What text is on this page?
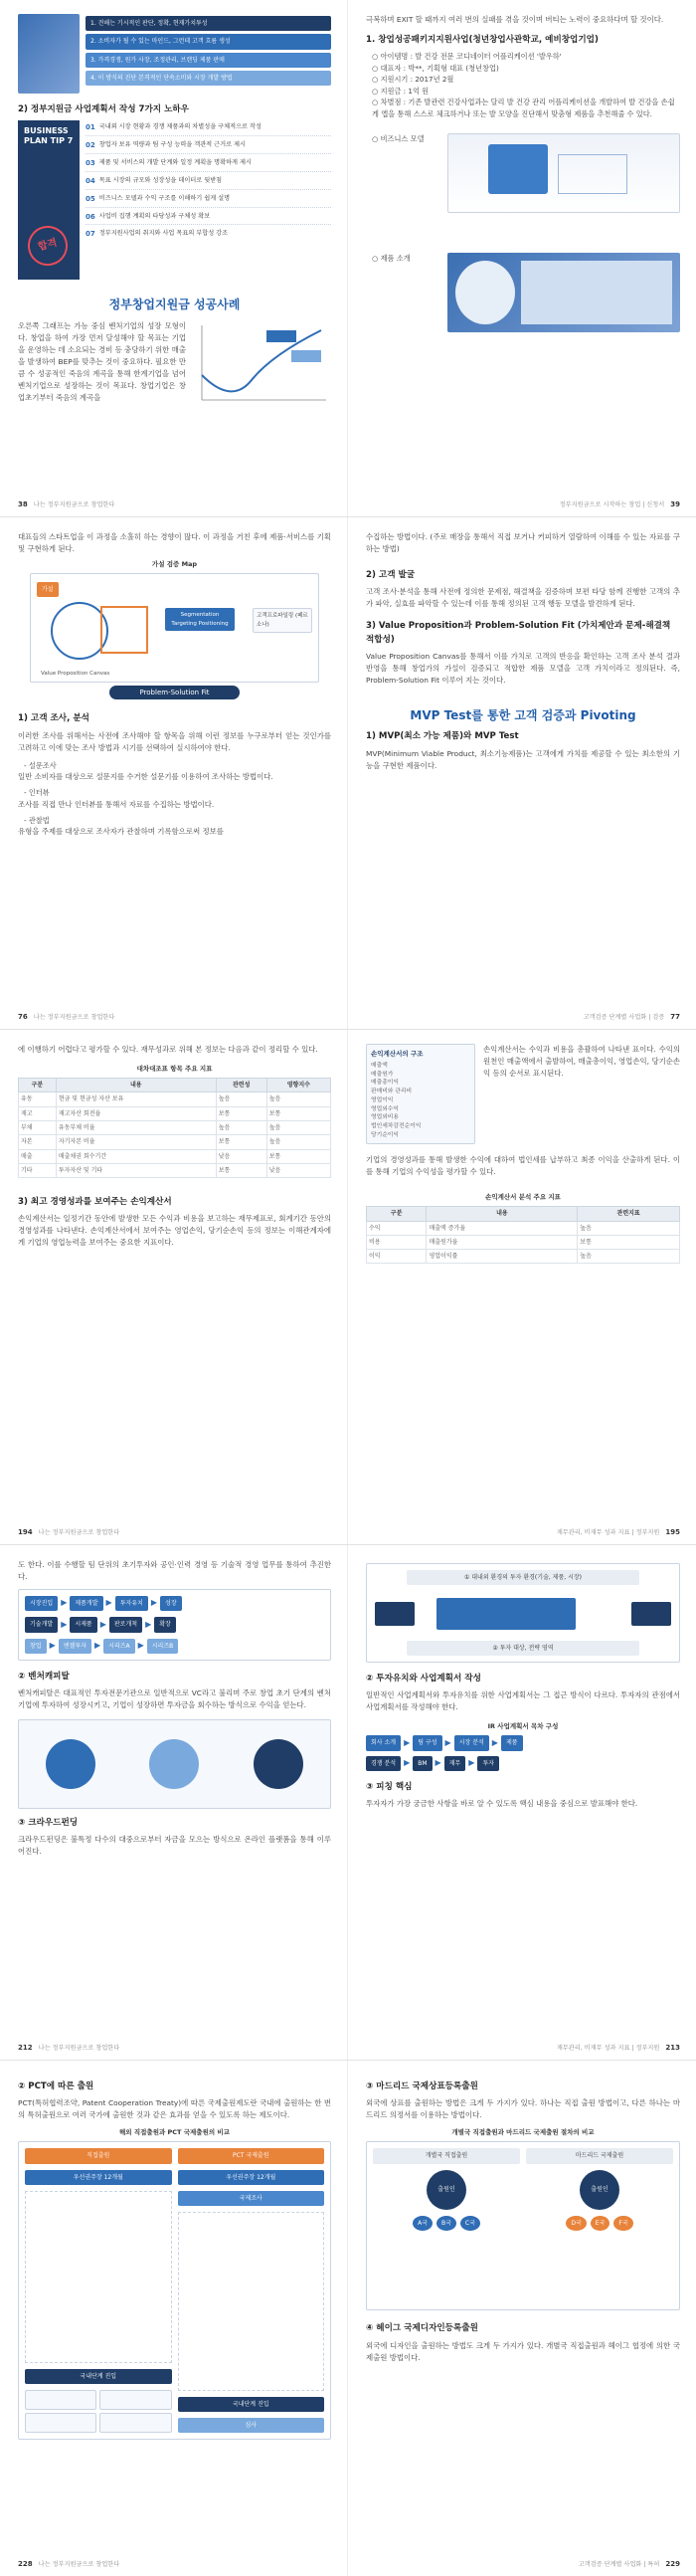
1. 견해는 기시적인 판단, 정확, 현재가치투성
2. 소비자가 될 수 있는 마인드, 그런데 고객 흐름 생성
3. 가격경쟁, 원가 사장, 조정관리, 브랜딩 제품 판매
4. 이 방식의 진단 본격적인 단속소비와 시장 개발 방법
2) 정부지원금 사업계획서 작성 7가지 노하우
BUSINESS PLAN TIP 7
합격
01 국내외 시장 현황과 경쟁 제품과의 차별성을 구체적으로 작성
02 창업자 보유 역량과 팀 구성 능력을 객관적 근거로 제시
03 제품 및 서비스의 개발 단계와 일정 계획을 명확하게 제시
04 목표 시장의 규모와 성장성을 데이터로 뒷받침
05 비즈니스 모델과 수익 구조를 이해하기 쉽게 설명
06 사업비 집행 계획의 타당성과 구체성 확보
07 정부지원사업의 취지와 사업 목표의 부합성 강조
정부창업지원금 성공사례
오른쪽 그래프는 가능 중심 벤처기업의 성장 모형이다. 창업을 하여 가장 먼저 달성해야 할 목표는 기업을 운영하는 데 소요되는 경비 등 충당하기 위한 매출을 발생하여 BEP를 맞추는 것이 중요하다. 필요한 만큼 수 성공적인 죽음의 계곡을 통해 한계기업을 넘어 벤처기업으로 성장하는 것이 목표다. 창업기업은 창업초기부터 죽음의 계곡을
38 나는 정부지원금으로 창업한다
극복하며 EXIT 할 때까지 여러 번의 실패를 겪을 것이며 버티는 노력이 중요하다며 할 것이다.
1. 창업성공패키지지원사업(청년창업사관학교, 예비창업기업)
○ 아이템명 : 발 건강 전문 코디네이터 어플리케이션 '발우하'
○ 대표자 : 박**, 기획형 대표 (청년창업)
○ 지원시기 : 2017년 2월
○ 지원금 : 1억 원
○ 차별점 : 기존 발관련 건강사업과는 달리 발 건강 관리 어플리케이션을 개발하여 발 건강을 손쉽게 앱을 통해 스스로 체크하거나 또는 발 모양을 진단해서 맞춤형 제품을 추천해줄 수 있다.
○ 비즈니스 모델
○ 제품 소개
정부지원금으로 시작하는 창업 | 신청서 39
대표들의 스타트업을 이 과정을 소홀히 하는 경향이 많다. 이 과정을 거친 후에 제품·서비스를 기획 및 구현하게 된다.
가설 검증 Map
가설
Value Proposition Canvas
Segmentation Targeting Positioning
고객프로파일링 (페르소나)
Problem-Solution Fit
1) 고객 조사, 분석
이러한 조사를 위해서는 사전에 조사해야 할 항목을 위해 이런 정보를 누구로부터 얻는 것인가를 고려하고 이에 맞는 조사 방법과 시기를 선택하여 실시하여야 한다.
- 설문조사
일반 소비자를 대상으로 설문지를 수거한 설문기를 이용하여 조사하는 방법이다.
- 인터뷰
조사를 직접 만나 인터뷰를 통해서 자료를 수집하는 방법이다.
- 관찰법
유형을 주제를 대상으로 조사자가 관찰하며 기록함으로써 정보를
76 나는 정부지원금으로 창업한다
수집하는 방법이다. (주로 매장을 통해서 직접 보거나 커피하거 열람하여 이해를 수 있는 자료를 구하는 방법)
2) 고객 발굴
고객 조사·분석을 통해 사전에 정의한 문제점, 해결책을 검증하며 보편 타당 함께 진행한 고객의 추가 파악, 실효를 파악할 수 있는데 이를 통해 정의된 고객 행동 모델을 발견하게 된다.
3) Value Proposition과 Problem-Solution Fit (가치제안과 문제-해결책 적합성)
Value Proposition Canvas를 통해서 이를 가치로 고객의 반응을 확인하는 고객 조사 분석 결과 반영을 통해 창업가의 가설이 검증되고 적합한 제품 모델을 고객 가치이라고 정의된다. 즉, Problem-Solution Fit 이루어 지는 것이다.
MVP Test를 통한 고객 검증과 Pivoting
1) MVP(최소 가능 제품)와 MVP Test
MVP(Minimum Viable Product, 최소기능제품)는 고객에게 가치를 제공할 수 있는 최소한의 기능을 구현한 제품이다.
고객검증 단계별 사업화 | 검증 77
에 이행하기 어렵다고 평가할 수 있다. 재무성과로 위해 본 정보는 다음과 같이 정리할 수 있다.
대차대조표 항목 주요 지표
구분	내용	관련성	영향지수
유동	현금 및 현금성 자산 보유	높음	높음
재고	재고자산 회전율	보통	보통
부채	유동부채 비율	높음	높음
자본	자기자본 비율	보통	높음
매출	매출채권 회수기간	낮음	보통
기타	투자자산 및 기타	보통	낮음
3) 최고 경영성과를 보여주는 손익계산서
손익계산서는 일정기간 동안에 발생한 모든 수익과 비용을 보고하는 재무제표로, 회계기간 동안의 경영성과를 나타낸다. 손익계산서에서 보여주는 영업손익, 당기순손익 등의 정보는 이해관계자에게 기업의 영업능력을 보여주는 중요한 지표이다.
194 나는 정부지원금으로 창업한다
손익계산서의 구조
매출액
매출원가
매출총이익
판매비와 관리비
영업이익
영업외수익
영업외비용
법인세차감전순이익
당기순이익
손익계산서는 수익과 비용을 총괄하여 나타낸 표이다. 수익의 원천인 매출액에서 출발하여, 매출총이익, 영업손익, 당기순손익 등의 순서로 표시된다.
기업의 경영성과를 통해 발생한 수익에 대하여 법인세를 납부하고 최종 이익을 산출하게 된다. 이를 통해 기업의 수익성을 평가할 수 있다.
손익계산서 분석 주요 지표
구분	내용	관련지표
수익	매출액 증가율	높음
비용	매출원가율	보통
이익	영업이익률	높음
재무관리, 비재무 성과 지표 | 정부지원 195
도 한다. 이를 수행할 팀 단위의 초기투자와 공인·인력 경영 등 기술적 경영 업무를 통하여 추진한다.
시장진입	▶	제품개발	▶	투자유치	▶	성장
기술개발	▶	시제품	▶	판로개척	▶	확장
창업	▶	엔젤투자	▶	시리즈A	▶	시리즈B
② 벤처캐피탈
벤처캐피탈은 대표적인 투자전문기관으로 일반적으로 VC라고 불리며 주로 창업 초기 단계의 벤처기업에 투자하여 성장시키고, 기업이 성장하면 투자금을 회수하는 방식으로 수익을 얻는다.
③ 크라우드펀딩
크라우드펀딩은 불특정 다수의 대중으로부터 자금을 모으는 방식으로 온라인 플랫폼을 통해 이루어진다.
212 나는 정부지원금으로 창업한다
① 대내외 환경의 투자 환경(기술, 제품, 시장)
② 투자 대상, 전략 영역
② 투자유치와 사업계획서 작성
일반적인 사업계획서와 투자유치를 위한 사업계획서는 그 접근 방식이 다르다. 투자자의 관점에서 사업계획서를 작성해야 한다.
IR 사업계획서 목차 구성
회사 소개	▶	팀 구성	▶	시장 분석	▶	제품
경쟁 분석	▶	BM	▶	재무	▶	투자
③ 피칭 핵심
투자자가 가장 궁금한 사항을 바로 알 수 있도록 핵심 내용을 중심으로 발표해야 한다.
재무관리, 비재무 성과 지표 | 정부지원 213
② PCT에 따른 출원
PCT(특허협력조약, Patent Cooperation Treaty)에 따른 국제출원제도란 국내에 출원하는 한 번의 특허출원으로 여러 국가에 출원한 것과 같은 효과를 얻을 수 있도록 하는 제도이다.
해외 직접출원과 PCT 국제출원의 비교
직접출원
우선권주장 12개월
국내단계 진입
PCT 국제출원
우선권주장 12개월
국제조사
국내단계 진입
심사
228 나는 정부지원금으로 창업한다
③ 마드리드 국제상표등록출원
외국에 상표를 출원하는 방법은 크게 두 가지가 있다. 하나는 직접 출원 방법이고, 다른 하나는 마드리드 의정서를 이용하는 방법이다.
개별국 직접출원과 마드리드 국제출원 절차의 비교
개별국 직접출원
출원인
A국	B국	C국
마드리드 국제출원
출원인
D국	E국	F국
④ 헤이그 국제디자인등록출원
외국에 디자인을 출원하는 방법도 크게 두 가지가 있다. 개별국 직접출원과 헤이그 협정에 의한 국제출원 방법이다.
고객검증 단계별 사업화 | 특허 229
